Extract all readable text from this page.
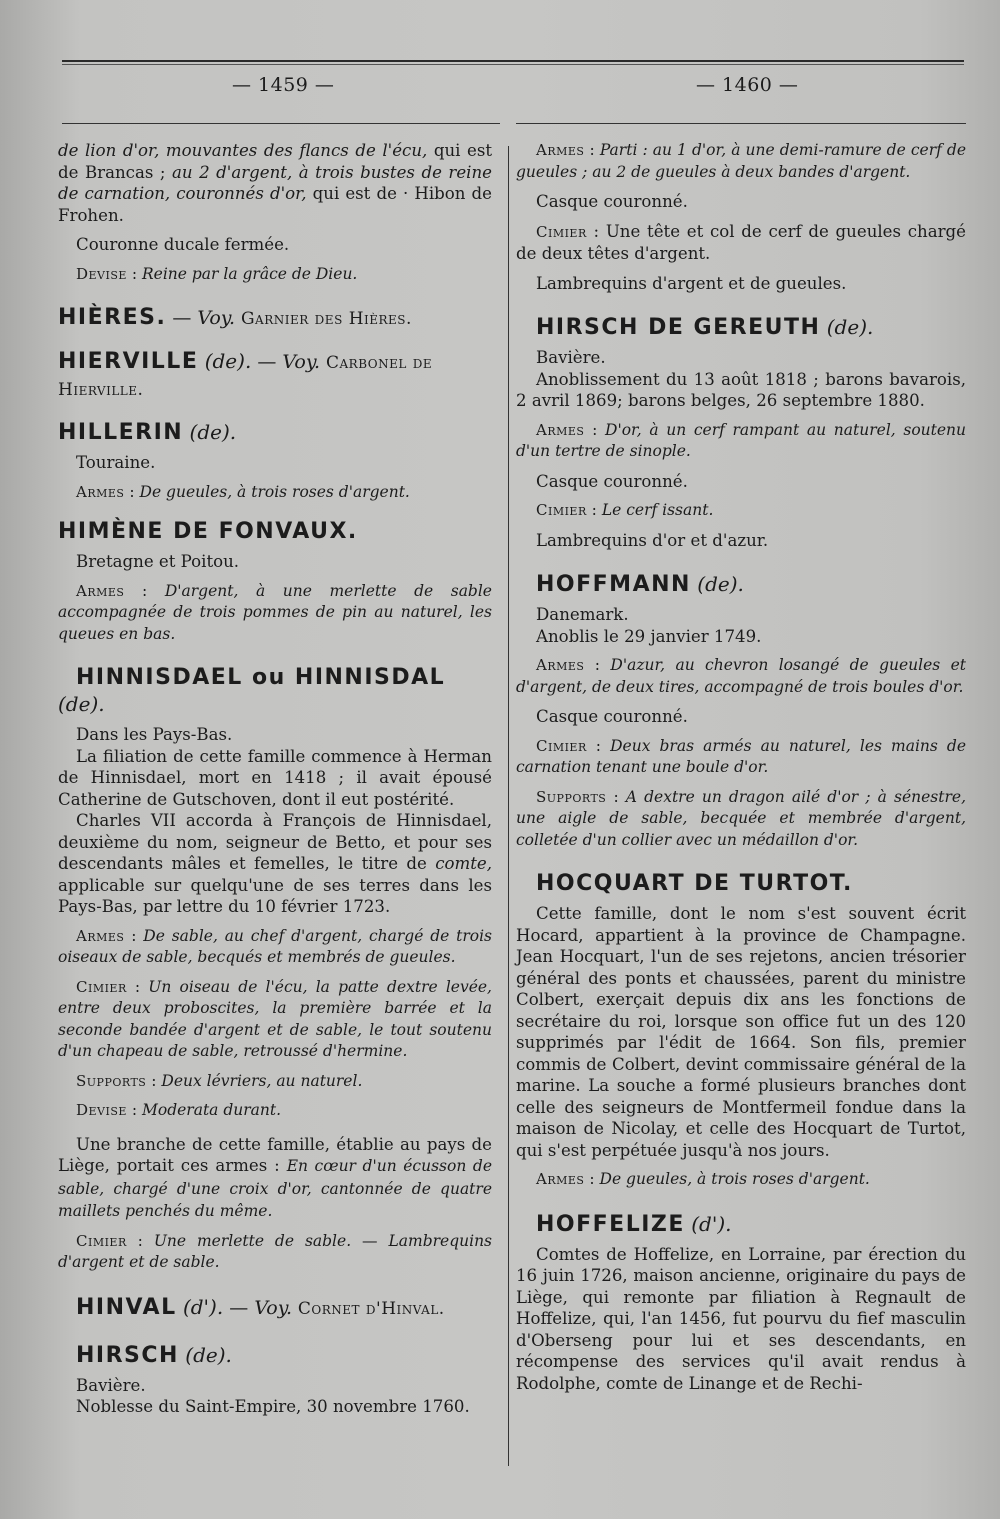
— 1459 —	— 1460 —

de lion d'or, mouvantes des flancs de l'écu, qui est de Brancas ; au 2 d'argent, à trois bustes de reine de carnation, couronnés d'or, qui est de · Hibon de Frohen.

Couronne ducale fermée.

Devise : Reine par la grâce de Dieu.

HIÈRES. — Voy. Garnier des Hières.
HIERVILLE (de). — Voy. Carbonel de Hierville.
HILLERIN (de).

Touraine.

Armes : De gueules, à trois roses d'argent.

HIMÈNE DE FONVAUX.

Bretagne et Poitou.

Armes : D'argent, à une merlette de sable accompagnée de trois pommes de pin au naturel, les queues en bas.

HINNISDAEL ou HINNISDAL
(de).

Dans les Pays-Bas.

La filiation de cette famille commence à Herman de Hinnisdael, mort en 1418 ; il avait épousé Catherine de Gutschoven, dont il eut postérité.

Charles VII accorda à François de Hinnisdael, deuxième du nom, seigneur de Betto, et pour ses descendants mâles et femelles, le titre de comte, applicable sur quelqu'une de ses terres dans les Pays-Bas, par lettre du 10 février 1723.

Armes : De sable, au chef d'argent, chargé de trois oiseaux de sable, becqués et membrés de gueules.

Cimier : Un oiseau de l'écu, la patte dextre levée, entre deux proboscites, la première barrée et la seconde bandée d'argent et de sable, le tout soutenu d'un chapeau de sable, retroussé d'hermine.

Supports : Deux lévriers, au naturel.

Devise : Moderata durant.

Une branche de cette famille, établie au pays de Liège, portait ces armes : En cœur d'un écusson de sable, chargé d'une croix d'or, cantonnée de quatre maillets penchés du même.

Cimier : Une merlette de sable. — Lambrequins d'argent et de sable.

HINVAL (d'). — Voy. Cornet d'Hinval.
HIRSCH (de).

Bavière.

Noblesse du Saint-Empire, 30 novembre 1760.

Armes : Parti : au 1 d'or, à une demi-ramure de cerf de gueules ; au 2 de gueules à deux bandes d'argent.

Casque couronné.

Cimier : Une tête et col de cerf de gueules chargé de deux têtes d'argent.

Lambrequins d'argent et de gueules.

HIRSCH DE GEREUTH (de).

Bavière.

Anoblissement du 13 août 1818 ; barons bavarois, 2 avril 1869; barons belges, 26 septembre 1880.

Armes : D'or, à un cerf rampant au naturel, soutenu d'un tertre de sinople.

Casque couronné.

Cimier : Le cerf issant.

Lambrequins d'or et d'azur.

HOFFMANN (de).

Danemark.

Anoblis le 29 janvier 1749.

Armes : D'azur, au chevron losangé de gueules et d'argent, de deux tires, accompagné de trois boules d'or.

Casque couronné.

Cimier : Deux bras armés au naturel, les mains de carnation tenant une boule d'or.

Supports : A dextre un dragon ailé d'or ; à sénestre, une aigle de sable, becquée et membrée d'argent, colletée d'un collier avec un médaillon d'or.

HOCQUART DE TURTOT.

Cette famille, dont le nom s'est souvent écrit Hocard, appartient à la province de Champagne. Jean Hocquart, l'un de ses rejetons, ancien trésorier général des ponts et chaussées, parent du ministre Colbert, exerçait depuis dix ans les fonctions de secrétaire du roi, lorsque son office fut un des 120 supprimés par l'édit de 1664. Son fils, premier commis de Colbert, devint commissaire général de la marine. La souche a formé plusieurs branches dont celle des seigneurs de Montfermeil fondue dans la maison de Nicolay, et celle des Hocquart de Turtot, qui s'est perpétuée jusqu'à nos jours.

Armes : De gueules, à trois roses d'argent.

HOFFELIZE (d').

Comtes de Hoffelize, en Lorraine, par érection du 16 juin 1726, maison ancienne, originaire du pays de Liège, qui remonte par filiation à Regnault de Hoffelize, qui, l'an 1456, fut pourvu du fief masculin d'Oberseng pour lui et ses descendants, en récompense des services qu'il avait rendus à Rodolphe, comte de Linange et de Rechi-
